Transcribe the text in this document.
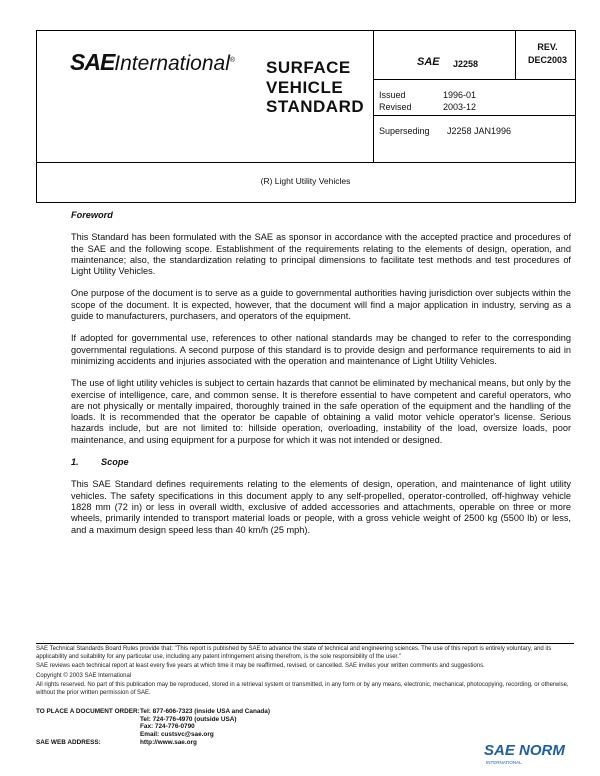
SAEInternational® SURFACE
VEHICLE
STANDARD
SAE J2258
REV.
DEC2003
Issued	1996-01
Revised	2003-12
Superseding J2258 JAN1996
(R) Light Utility Vehicles
Foreword

This Standard has been formulated with the SAE as sponsor in accordance with the accepted practice and procedures of the SAE and the following scope. Establishment of the requirements relating to the elements of design, operation, and maintenance; also, the standardization relating to principal dimensions to facilitate test methods and test procedures of Light Utility Vehicles.

One purpose of the document is to serve as a guide to governmental authorities having jurisdiction over subjects within the scope of the document. It is expected, however, that the document will find a major application in industry, serving as a guide to manufacturers, purchasers, and operators of the equipment.

If adopted for governmental use, references to other national standards may be changed to refer to the corresponding governmental regulations. A second purpose of this standard is to provide design and performance requirements to aid in minimizing accidents and injuries associated with the operation and maintenance of Light Utility Vehicles.

The use of light utility vehicles is subject to certain hazards that cannot be eliminated by mechanical means, but only by the exercise of intelligence, care, and common sense. It is therefore essential to have competent and careful operators, who are not physically or mentally impaired, thoroughly trained in the safe operation of the equipment and the handling of the loads. It is recommended that the operator be capable of obtaining a valid motor vehicle operator's license. Serious hazards include, but are not limited to: hillside operation, overloading, instability of the load, oversize loads, poor maintenance, and using equipment for a purpose for which it was not intended or designed.

1. Scope

This SAE Standard defines requirements relating to the elements of design, operation, and maintenance of light utility vehicles. The safety specifications in this document apply to any self-propelled, operator-controlled, off-highway vehicle 1828 mm (72 in) or less in overall width, exclusive of added accessories and attachments, operable on three or more wheels, primarily intended to transport material loads or people, with a gross vehicle weight of 2500 kg (5500 lb) or less, and a maximum design speed less than 40 km/h (25 mph).

SAE Technical Standards Board Rules provide that: "This report is published by SAE to advance the state of technical and engineering sciences. The use of this report is entirely voluntary, and its applicability and suitability for any particular use, including any patent infringement arising therefrom, is the sole responsibility of the user."

SAE reviews each technical report at least every five years at which time it may be reaffirmed, revised, or cancelled. SAE invites your written comments and suggestions.

Copyright © 2003 SAE International

All rights reserved. No part of this publication may be reproduced, stored in a retrieval system or transmitted, in any form or by any means, electronic, mechanical, photocopying, recording, or otherwise, without the prior written permission of SAE.

TO PLACE A DOCUMENT ORDER: Tel: 877-606-7323 (inside USA and Canada)
Tel: 724-776-4970 (outside USA)
Fax: 724-776-0790
Email: custsvc@sae.org
SAE WEB ADDRESS:	http://www.sae.org	SAE NORM
INTERNATIONAL
